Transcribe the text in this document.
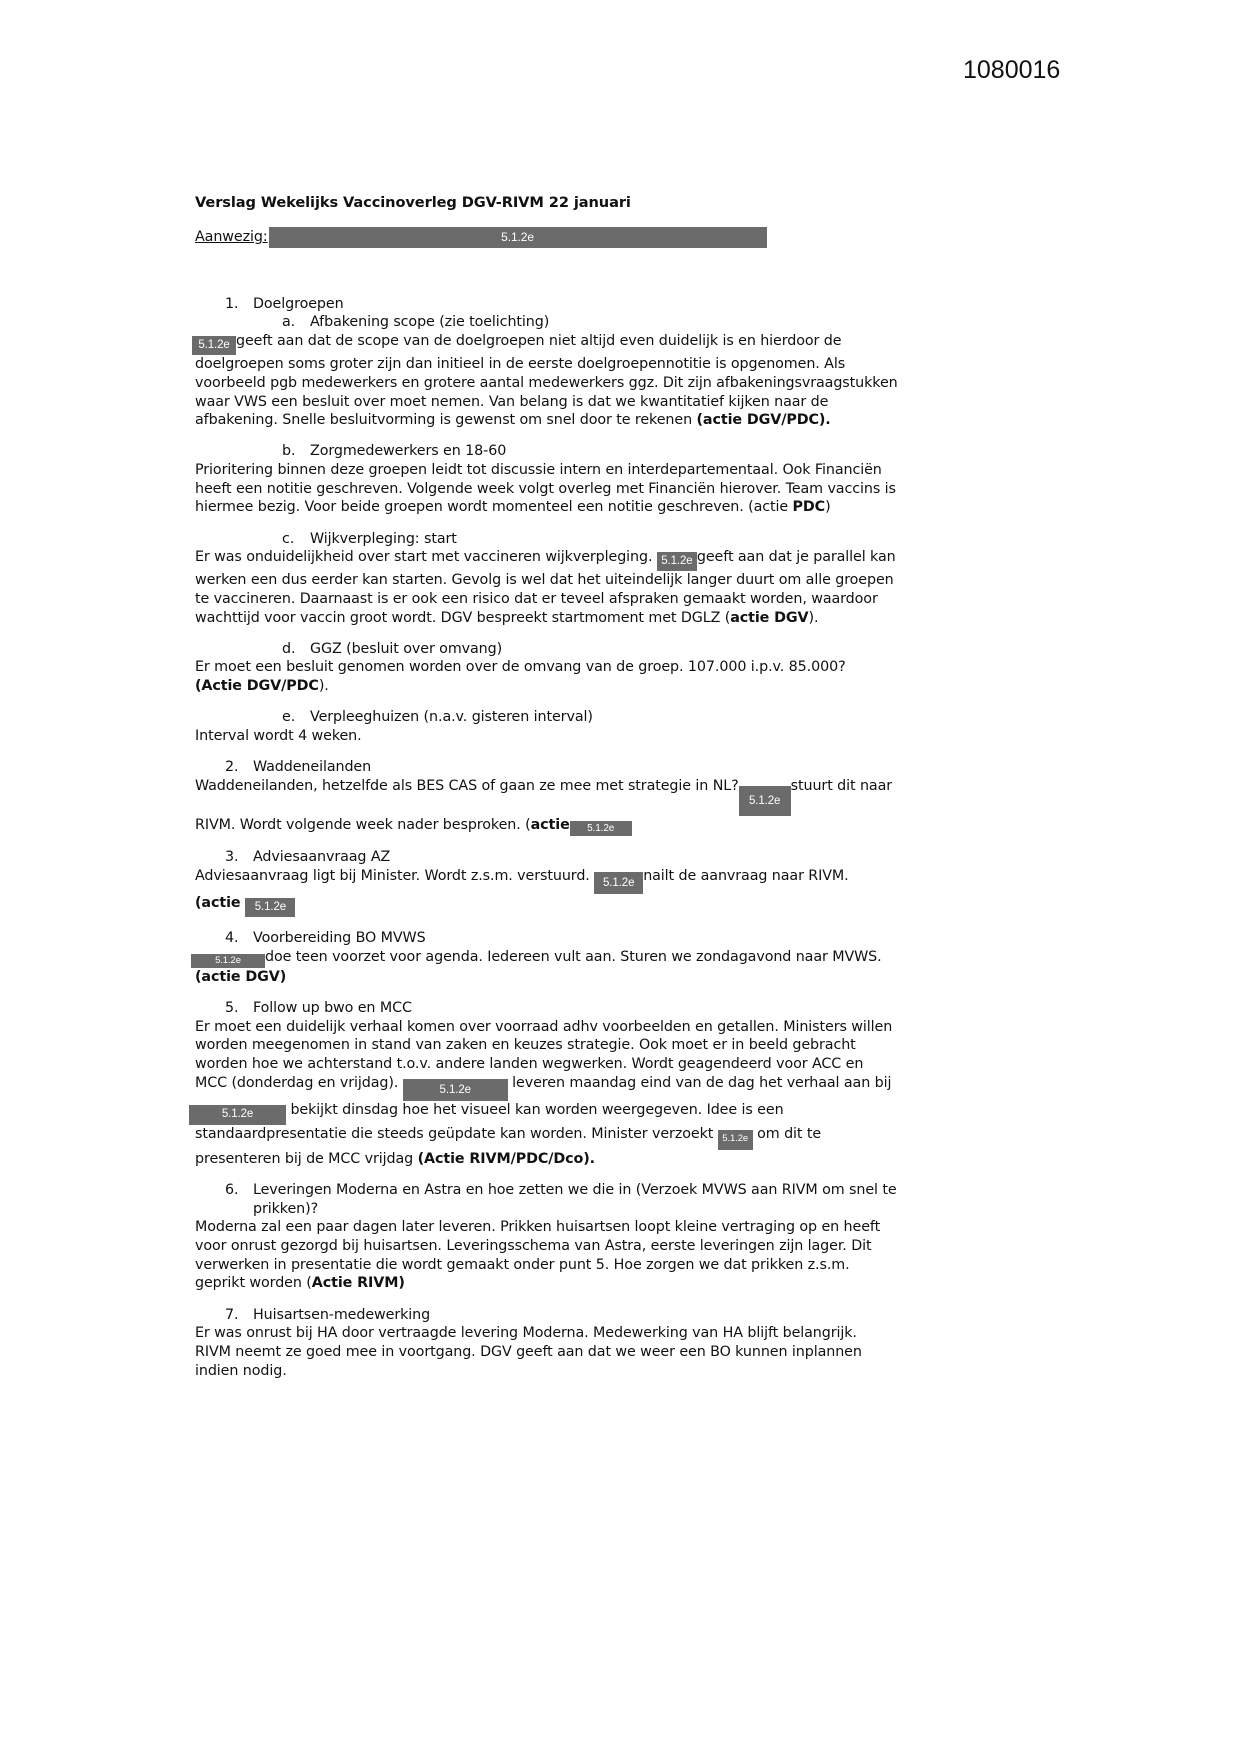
1080016
Verslag Wekelijks Vaccinoverleg DGV-RIVM 22 januari
Aanwezig:	5.1.2e
1.	Doelgroepen
a.	Afbakening scope (zie toelichting)
5.1.2e geeft aan dat de scope van de doelgroepen niet altijd even duidelijk is en hierdoor de
doelgroepen soms groter zijn dan initieel in de eerste doelgroepennotitie is opgenomen. Als
voorbeeld pgb medewerkers en grotere aantal medewerkers ggz. Dit zijn afbakeningsvraagstukken
waar VWS een besluit over moet nemen. Van belang is dat we kwantitatief kijken naar de
afbakening. Snelle besluitvorming is gewenst om snel door te rekenen (actie DGV/PDC).
b.	Zorgmedewerkers en 18-60
Prioritering binnen deze groepen leidt tot discussie intern en interdepartementaal. Ook Financiën
heeft een notitie geschreven. Volgende week volgt overleg met Financiën hierover. Team vaccins is
hiermee bezig. Voor beide groepen wordt momenteel een notitie geschreven. (actie PDC)
c.	Wijkverpleging: start
Er was onduidelijkheid over start met vaccineren wijkverpleging. 5.1.2e geeft aan dat je parallel kan
werken een dus eerder kan starten. Gevolg is wel dat het uiteindelijk langer duurt om alle groepen
te vaccineren. Daarnaast is er ook een risico dat er teveel afspraken gemaakt worden, waardoor
wachttijd voor vaccin groot wordt. DGV bespreekt startmoment met DGLZ (actie DGV).
d.	GGZ (besluit over omvang)
Er moet een besluit genomen worden over de omvang van de groep. 107.000 i.p.v. 85.000?
(Actie DGV/PDC).
e.	Verpleeghuizen (n.a.v. gisteren interval)
Interval wordt 4 weken.
2.	Waddeneilanden
Waddeneilanden, hetzelfde als BES CAS of gaan ze mee met strategie in NL?5.1.2estuurt dit naar
RIVM. Wordt volgende week nader besproken. (actie 5.1.2e
3.	Adviesaanvraag AZ
Adviesaanvraag ligt bij Minister. Wordt z.s.m. verstuurd. 5.1.2e nailt de aanvraag naar RIVM.
(actie 5.1.2e
4.	Voorbereiding BO MVWS
5.1.2e doe teen voorzet voor agenda. Iedereen vult aan. Sturen we zondagavond naar MVWS.
(actie DGV)
5.	Follow up bwo en MCC
Er moet een duidelijk verhaal komen over voorraad adhv voorbeelden en getallen. Ministers willen
worden meegenomen in stand van zaken en keuzes strategie. Ook moet er in beeld gebracht
worden hoe we achterstand t.o.v. andere landen wegwerken. Wordt geagendeerd voor ACC en
MCC (donderdag en vrijdag).	5.1.2e	leveren maandag eind van de dag het verhaal aan bij
5.1.2e bekijkt dinsdag hoe het visueel kan worden weergegeven. Idee is een
standaardpresentatie die steeds geüpdate kan worden. Minister verzoekt 5.1.2e om dit te
presenteren bij de MCC vrijdag (Actie RIVM/PDC/Dco).
6.	Leveringen Moderna en Astra en hoe zetten we die in (Verzoek MVWS aan RIVM om snel te
prikken)?
Moderna zal een paar dagen later leveren. Prikken huisartsen loopt kleine vertraging op en heeft
voor onrust gezorgd bij huisartsen. Leveringsschema van Astra, eerste leveringen zijn lager. Dit
verwerken in presentatie die wordt gemaakt onder punt 5. Hoe zorgen we dat prikken z.s.m.
geprikt worden (Actie RIVM)
7.	Huisartsen-medewerking
Er was onrust bij HA door vertraagde levering Moderna. Medewerking van HA blijft belangrijk.
RIVM neemt ze goed mee in voortgang. DGV geeft aan dat we weer een BO kunnen inplannen
indien nodig.
